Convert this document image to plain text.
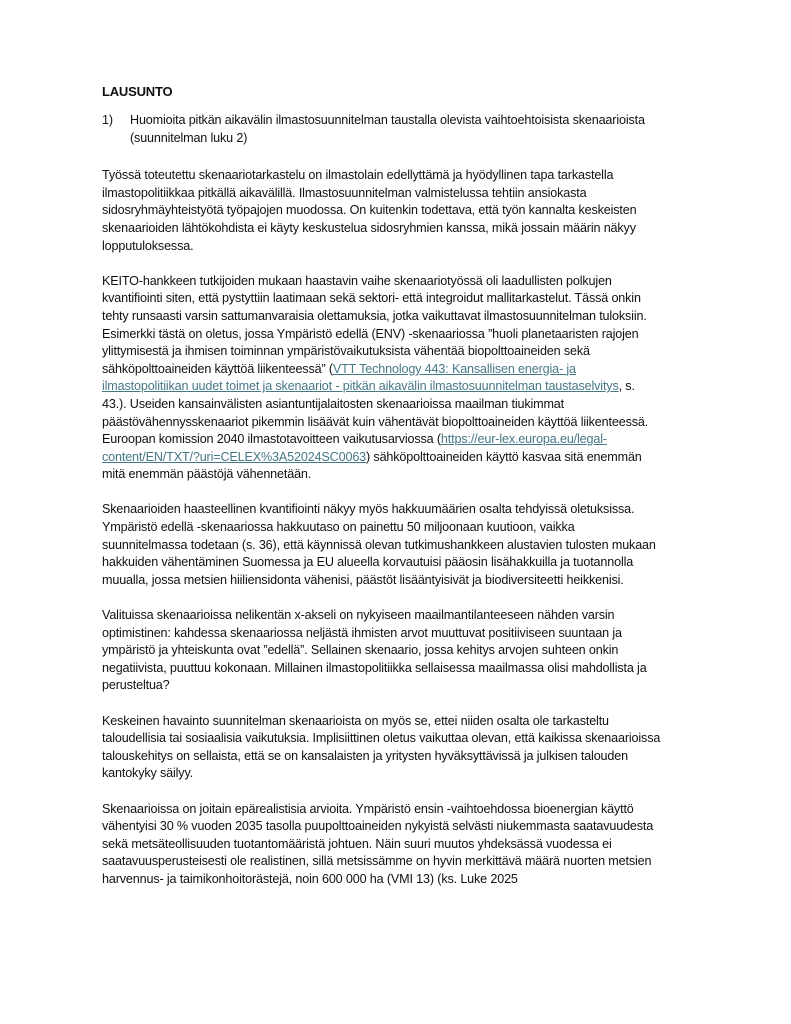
LAUSUNTO
1)	Huomioita pitkän aikavälin ilmastosuunnitelman taustalla olevista vaihtoehtoisista skenaarioista (suunnitelman luku 2)

Työssä toteutettu skenaariotarkastelu on ilmastolain edellyttämä ja hyödyllinen tapa tarkastella ilmastopolitiikkaa pitkällä aikavälillä. Ilmastosuunnitelman valmistelussa tehtiin ansiokasta sidosryhmäyhteistyötä työpajojen muodossa. On kuitenkin todettava, että työn kannalta keskeisten skenaarioiden lähtökohdista ei käyty keskustelua sidosryhmien kanssa, mikä jossain määrin näkyy lopputuloksessa.

KEITO-hankkeen tutkijoiden mukaan haastavin vaihe skenaariotyössä oli laadullisten polkujen kvantifiointi siten, että pystyttiin laatimaan sekä sektori- että integroidut mallitarkastelut. Tässä onkin tehty runsaasti varsin sattumanvaraisia olettamuksia, jotka vaikuttavat ilmastosuunnitelman tuloksiin. Esimerkki tästä on oletus, jossa Ympäristö edellä (ENV) -skenaariossa ”huoli planetaaristen rajojen ylittymisestä ja ihmisen toiminnan ympäristövaikutuksista vähentää biopolttoaineiden sekä sähköpolttoaineiden käyttöä liikenteessä” (VTT Technology 443: Kansallisen energia- ja ilmastopolitiikan uudet toimet ja skenaariot - pitkän aikavälin ilmastosuunnitelman taustaselvitys, s. 43.). Useiden kansainvälisten asiantuntijalaitosten skenaarioissa maailman tiukimmat päästövähennysskenaariot pikemmin lisäävät kuin vähentävät biopolttoaineiden käyttöä liikenteessä. Euroopan komission 2040 ilmastotavoitteen vaikutusarviossa (https://eur-lex.europa.eu/legal-content/EN/TXT/?uri=CELEX%3A52024SC0063) sähköpolttoaineiden käyttö kasvaa sitä enemmän mitä enemmän päästöjä vähennetään.

Skenaarioiden haasteellinen kvantifiointi näkyy myös hakkuumäärien osalta tehdyissä oletuksissa. Ympäristö edellä -skenaariossa hakkuutaso on painettu 50 miljoonaan kuutioon, vaikka suunnitelmassa todetaan (s. 36), että käynnissä olevan tutkimushankkeen alustavien tulosten mukaan hakkuiden vähentäminen Suomessa ja EU alueella korvautuisi pääosin lisähakkuilla ja tuotannolla muualla, jossa metsien hiiliensidonta vähenisi, päästöt lisääntyisivät ja biodiversiteetti heikkenisi.

Valituissa skenaarioissa nelikentän x-akseli on nykyiseen maailmantilanteeseen nähden varsin optimistinen: kahdessa skenaariossa neljästä ihmisten arvot muuttuvat positiiviseen suuntaan ja ympäristö ja yhteiskunta ovat ”edellä”. Sellainen skenaario, jossa kehitys arvojen suhteen onkin negatiivista, puuttuu kokonaan. Millainen ilmastopolitiikka sellaisessa maailmassa olisi mahdollista ja perusteltua?

Keskeinen havainto suunnitelman skenaarioista on myös se, ettei niiden osalta ole tarkasteltu taloudellisia tai sosiaalisia vaikutuksia. Implisiittinen oletus vaikuttaa olevan, että kaikissa skenaarioissa talouskehitys on sellaista, että se on kansalaisten ja yritysten hyväksyttävissä ja julkisen talouden kantokyky säilyy.

Skenaarioissa on joitain epärealistisia arvioita. Ympäristö ensin -vaihtoehdossa bioenergian käyttö vähentyisi 30 % vuoden 2035 tasolla puupolttoaineiden nykyistä selvästi niukemmasta saatavuudesta sekä metsäteollisuuden tuotantomääristä johtuen. Näin suuri muutos yhdeksässä vuodessa ei saatavuusperusteisesti ole realistinen, sillä metsissämme on hyvin merkittävä määrä nuorten metsien harvennus- ja taimikonhoitorästejä, noin 600 000 ha (VMI 13) (ks. Luke 2025
